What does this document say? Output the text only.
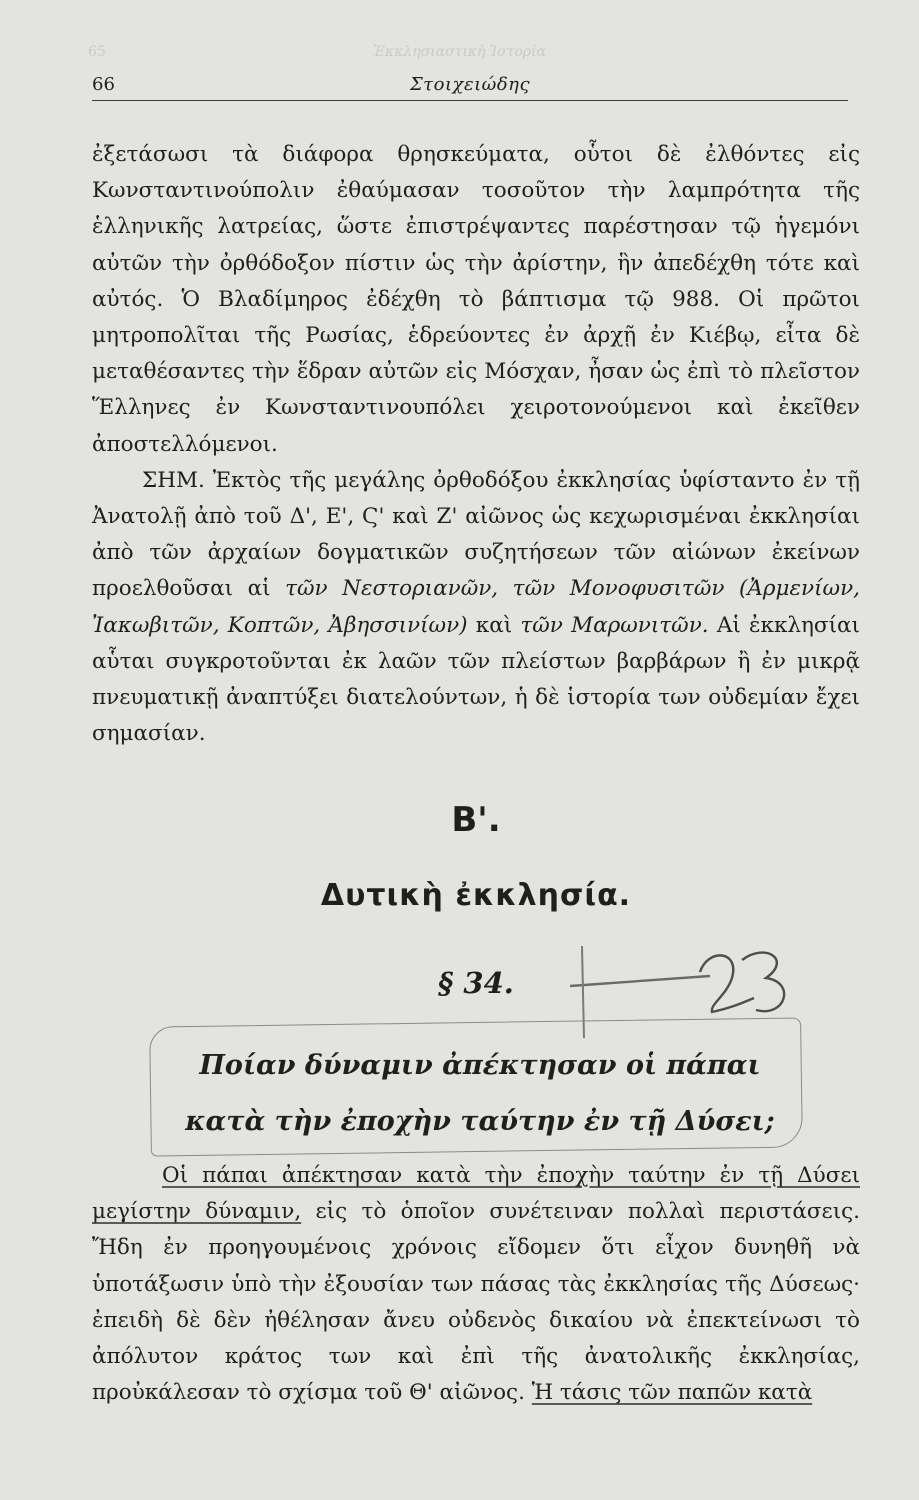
65	Ἐκκλησιαστικὴ Ἱστορία
66	Στοιχειώδης

ἐξετάσωσι τὰ διάφορα θρησκεύματα, οὗτοι δὲ ἐλθόντες εἰς Κωνσταντινούπολιν ἐθαύμασαν τοσοῦτον τὴν λαμπρότητα τῆς ἑλληνικῆς λατρείας, ὥστε ἐπιστρέψαντες παρέστησαν τῷ ἡγεμόνι αὐτῶν τὴν ὀρθόδοξον πίστιν ὡς τὴν ἀρίστην, ἣν ἀπεδέχθη τότε καὶ αὐτός. Ὁ Βλαδίμηρος ἐδέχθη τὸ βάπτισμα τῷ 988. Οἱ πρῶτοι μητροπολῖται τῆς Ρωσίας, ἑδρεύοντες ἐν ἀρχῇ ἐν Κιέβῳ, εἶτα δὲ μεταθέσαντες τὴν ἕδραν αὐτῶν εἰς Μόσχαν, ἦσαν ὡς ἐπὶ τὸ πλεῖστον Ἕλληνες ἐν Κωνσταντινουπόλει χειροτονούμενοι καὶ ἐκεῖθεν ἀποστελλόμενοι.

ΣΗΜ. Ἐκτὸς τῆς μεγάλης ὀρθοδόξου ἐκκλησίας ὑφίσταντο ἐν τῇ Ἀνατολῇ ἀπὸ τοῦ Δ', Ε', Ϛ' καὶ Ζ' αἰῶνος ὡς κεχωρισμέναι ἐκκλησίαι ἀπὸ τῶν ἀρχαίων δογματικῶν συζητήσεων τῶν αἰώνων ἐκείνων προελθοῦσαι αἱ τῶν Νεστοριανῶν, τῶν Μονοφυσιτῶν (Ἀρμενίων, Ἰακωβιτῶν, Κοπτῶν, Ἀβησσινίων) καὶ τῶν Μαρωνιτῶν. Αἱ ἐκκλησίαι αὗται συγκροτοῦνται ἐκ λαῶν τῶν πλείστων βαρβάρων ἢ ἐν μικρᾷ πνευματικῇ ἀναπτύξει διατελούντων, ἡ δὲ ἱστορία των οὐδεμίαν ἔχει σημασίαν.

Β'.
Δυτικὴ ἐκκλησία.
§ 34.
Ποίαν δύναμιν ἀπέκτησαν οἱ πάπαι κατὰ τὴν ἐποχὴν ταύτην ἐν τῇ Δύσει;

Οἱ πάπαι ἀπέκτησαν κατὰ τὴν ἐποχὴν ταύτην ἐν τῇ Δύσει μεγίστην δύναμιν, εἰς τὸ ὁποῖον συνέτειναν πολλαὶ περιστάσεις. Ἤδη ἐν προηγουμένοις χρόνοις εἴδομεν ὅτι εἶχον δυνηθῆ νὰ ὑποτάξωσιν ὑπὸ τὴν ἐξουσίαν των πάσας τὰς ἐκκλησίας τῆς Δύσεως· ἐπειδὴ δὲ δὲν ἠθέλησαν ἄνευ οὐδενὸς δικαίου νὰ ἐπεκτείνωσι τὸ ἀπόλυτον κράτος των καὶ ἐπὶ τῆς ἀνατολικῆς ἐκκλησίας, προὐκάλεσαν τὸ σχίσμα τοῦ Θ' αἰῶνος. Ἡ τάσις τῶν παπῶν κατὰ

23
